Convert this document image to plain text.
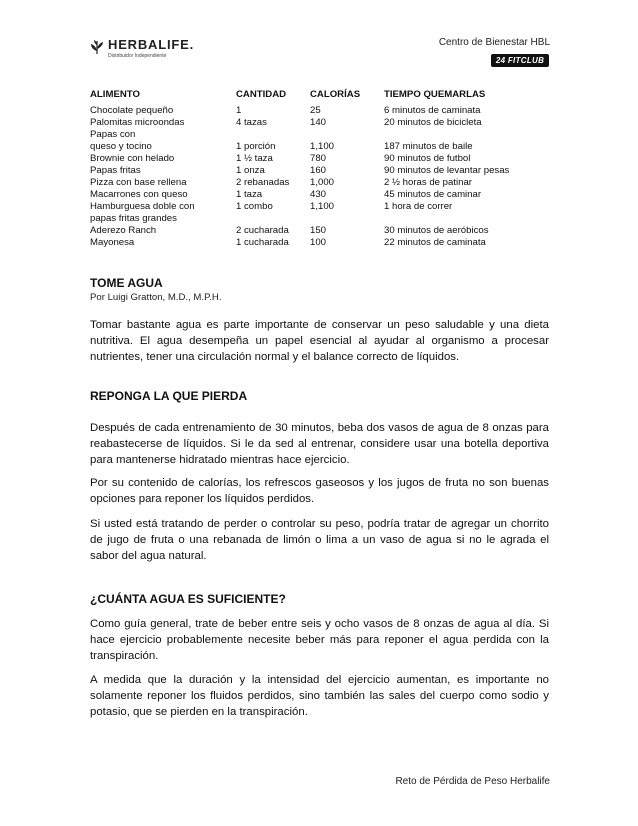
HERBALIFE.
Distribuidor Independiente
Centro de Bienestar HBL
24 FITCLUB
ALIMENTO	CANTIDAD	CALORÍAS	TIEMPO QUEMARLAS
Chocolate pequeño	1	25	6 minutos de caminata
Palomitas microondas	4 tazas	140	20 minutos de bicicleta
Papas con
queso y tocino	1 porción	1,100	187 minutos de baile
Brownie con helado	1 ½ taza	780	90 minutos de futbol
Papas fritas	1 onza	160	90 minutos de levantar pesas
Pizza con base rellena	2 rebanadas	1,000	2 ½ horas de patinar
Macarrones con queso	1 taza	430	45 minutos de caminar
Hamburguesa doble con	1 combo	1,100	1 hora de correr
papas fritas grandes
Aderezo Ranch	2 cucharada	150	30 minutos de aeróbicos
Mayonesa	1 cucharada	100	22 minutos de caminata
TOME AGUA
Por Luigi Gratton, M.D., M.P.H.

Tomar bastante agua es parte importante de conservar un peso saludable y una dieta nutritiva. El agua desempeña un papel esencial al ayudar al organismo a procesar nutrientes, tener una circulación normal y el balance correcto de líquidos.

REPONGA LA QUE PIERDA

Después de cada entrenamiento de 30 minutos, beba dos vasos de agua de 8 onzas para reabastecerse de líquidos. Si le da sed al entrenar, considere usar una botella deportiva para mantenerse hidratado mientras hace ejercicio.

Por su contenido de calorías, los refrescos gaseosos y los jugos de fruta no son buenas opciones para reponer los líquidos perdidos.

Si usted está tratando de perder o controlar su peso, podría tratar de agregar un chorrito de jugo de fruta o una rebanada de limón o lima a un vaso de agua si no le agrada el sabor del agua natural.

¿CUÁNTA AGUA ES SUFICIENTE?

Como guía general, trate de beber entre seis y ocho vasos de 8 onzas de agua al día. Si hace ejercicio probablemente necesite beber más para reponer el agua perdida con la transpiración.

A medida que la duración y la intensidad del ejercicio aumentan, es importante no solamente reponer los fluidos perdidos, sino también las sales del cuerpo como sodio y potasio, que se pierden en la transpiración.

Reto de Pérdida de Peso Herbalife
